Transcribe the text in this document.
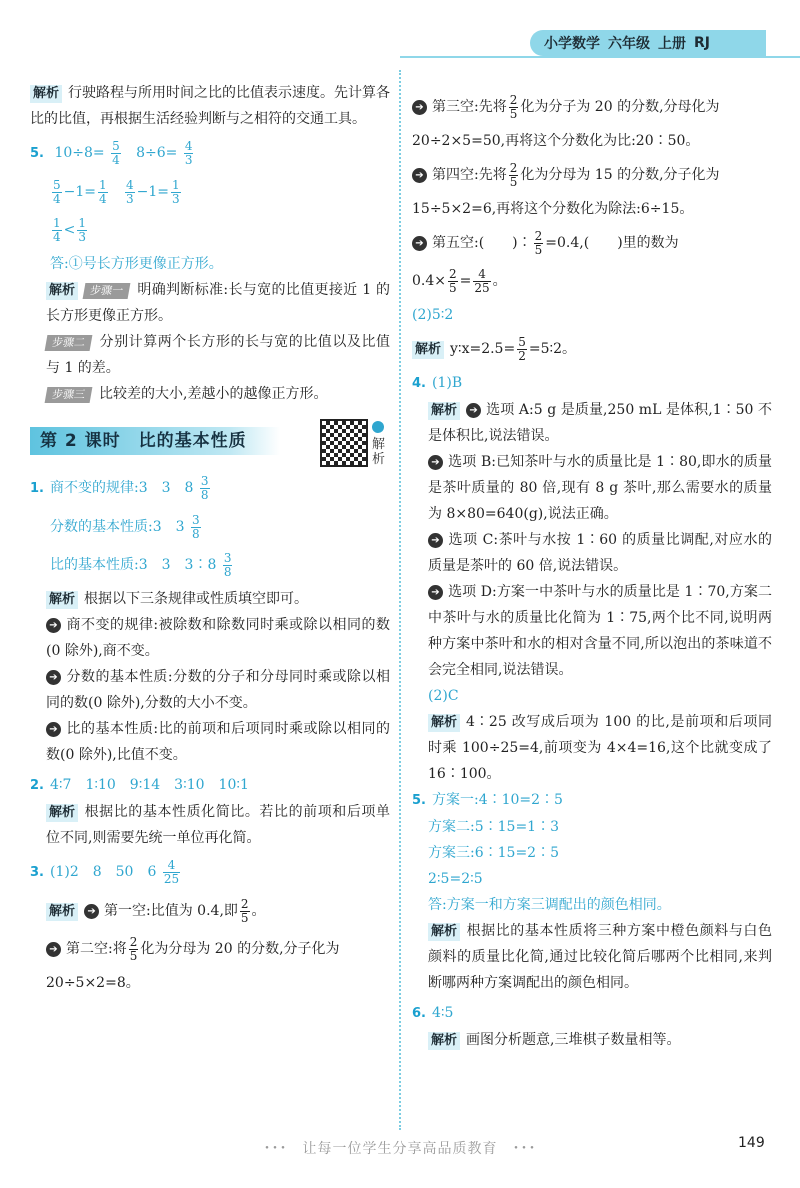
小学数学 六年级 上册 RJ

解析 行驶路程与所用时间之比的比值表示速度。先计算各比的比值，再根据生活经验判断与之相符的交通工具。

5. $10\div 8= \frac{5}{4} 8\div 6= \frac{4}{3}$
$\frac{5}{4} -1= \frac{1}{4}$
$\frac{4}{3} -1= \frac{1}{3}$
$\frac{1}{4} < \frac{1}{3}$

答:①号长方形更像正方形。

解析 步骤一 明确判断标准:长与宽的比值更接近 1 的长方形更像正方形。

步骤二 分别计算两个长方形的长与宽的比值以及比值与 1 的差。

步骤三 比较差的大小,差越小的越像正方形。

第 2 课时　比的基本性质	解析
1. 商不变的规律:3　3　$8 \frac{3}{8}$
分数的基本性质:3　$3 \frac{3}{8}$
比的基本性质:3　3　3∶8 $\frac{3}{8}$

解析 根据以下三条规律或性质填空即可。

➔ 商不变的规律:被除数和除数同时乘或除以相同的数(0 除外),商不变。

➔ 分数的基本性质:分数的分子和分母同时乘或除以相同的数(0 除外),分数的大小不变。

➔ 比的基本性质:比的前项和后项同时乘或除以相同的数(0 除外),比值不变。

2. 4∶7　1∶10　9∶14　3∶10　10∶1

解析 根据比的基本性质化简比。若比的前项和后项单位不同,则需要先统一单位再化简。

3. (1)2　8　50　$6 \frac{4}{25}$
解析 ➔ 第一空:比值为 0.4,即 $\frac{2}{5}$ 。
➔ 第二空:将 $\frac{2}{5}$ 化为分母为 20 的分数,分子化为

20÷5×2=8。

➔ 第三空:先将 $\frac{2}{5}$ 化为分子为 20 的分数,分母化为

20÷2×5=50,再将这个分数化为比:20∶50。

➔ 第四空:先将 $\frac{2}{5}$ 化为分母为 15 的分数,分子化为

15÷5×2=6,再将这个分数化为除法:6÷15。

➔ 第五空:(　　)∶ $\frac{2}{5} =0.4$,(　　)里的数为
$0.4\times \frac{2}{5} = \frac{4}{25}$ 。

(2)5∶2

解析 y∶x=2.5= $\frac{5}{2}$ =5∶2。

4. (1)B

解析 ➔ 选项 A:5 g 是质量,250 mL 是体积,1∶50 不是体积比,说法错误。

➔ 选项 B:已知茶叶与水的质量比是 1∶80,即水的质量是茶叶质量的 80 倍,现有 8 g 茶叶,那么需要水的质量为 8×80=640(g),说法正确。

➔ 选项 C:茶叶与水按 1∶60 的质量比调配,对应水的质量是茶叶的 60 倍,说法错误。

➔ 选项 D:方案一中茶叶与水的质量比是 1∶70,方案二中茶叶与水的质量比化简为 1∶75,两个比不同,说明两种方案中茶叶和水的相对含量不同,所以泡出的茶味道不会完全相同,说法错误。

(2)C

解析 4∶25 改写成后项为 100 的比,是前项和后项同时乘 100÷25=4,前项变为 4×4=16,这个比就变成了 16∶100。

5. 方案一:4∶10=2∶5

方案二:5∶15=1∶3

方案三:6∶15=2∶5

2∶5=2∶5

答:方案一和方案三调配出的颜色相同。

解析 根据比的基本性质将三种方案中橙色颜料与白色颜料的质量比化简,通过比较化简后哪两个比相同,来判断哪两种方案调配出的颜色相同。

6. 4∶5

解析 画图分析题意,三堆棋子数量相等。

･･･　让每一位学生分享高品质教育　･･･	149
